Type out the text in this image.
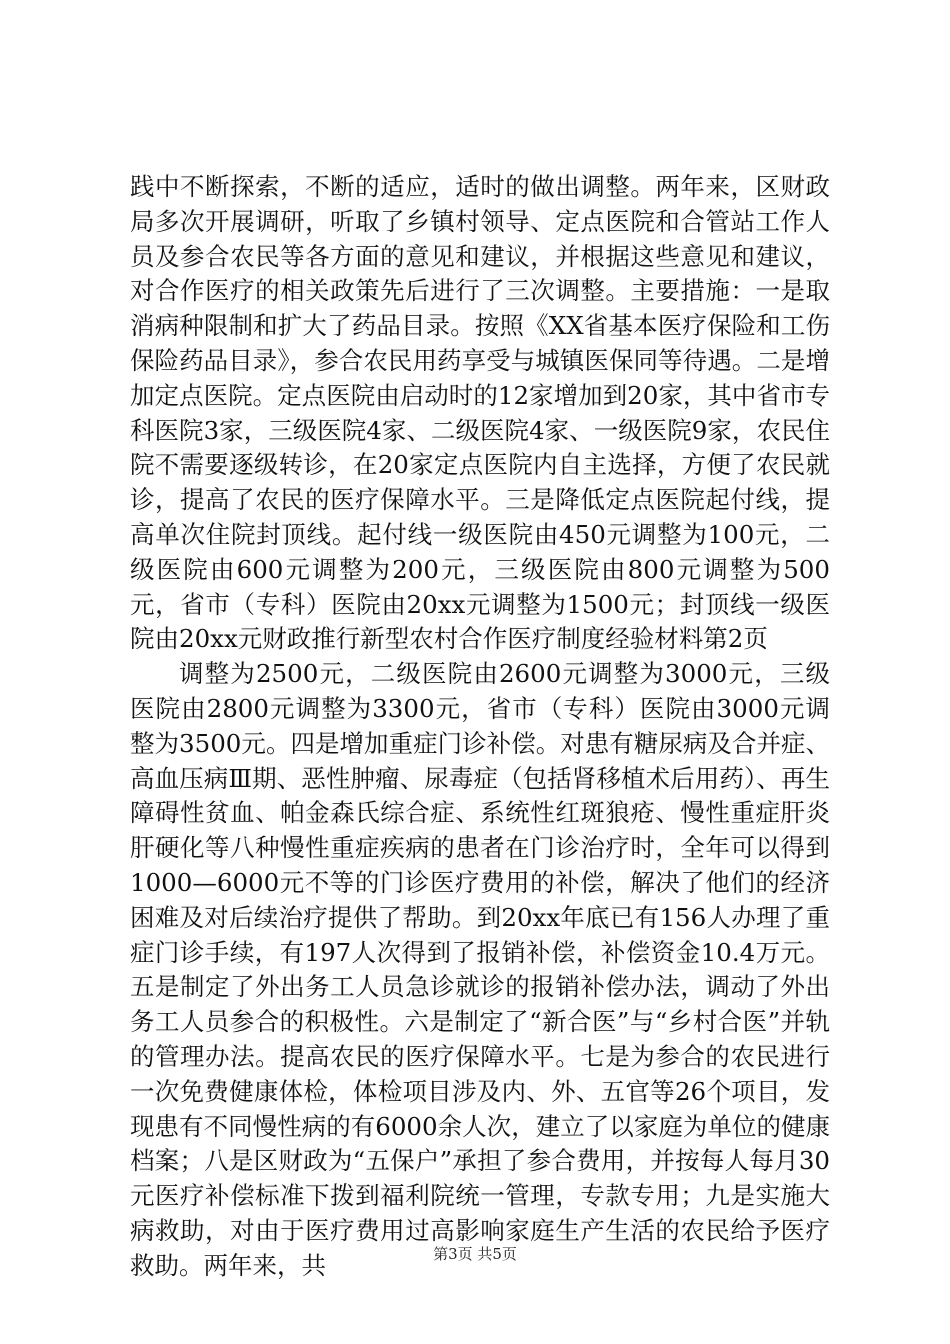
践中不断探索，不断的适应，适时的做出调整。两年来，区财政局多次开展调研，听取了乡镇村领导、定点医院和合管站工作人员及参合农民等各方面的意见和建议，并根据这些意见和建议，对合作医疗的相关政策先后进行了三次调整。主要措施：一是取消病种限制和扩大了药品目录。按照《XX省基本医疗保险和工伤保险药品目录》，参合农民用药享受与城镇医保同等待遇。二是增加定点医院。定点医院由启动时的12家增加到20家，其中省市专科医院3家，三级医院4家、二级医院4家、一级医院9家，农民住院不需要逐级转诊，在20家定点医院内自主选择，方便了农民就诊，提高了农民的医疗保障水平。三是降低定点医院起付线，提高单次住院封顶线。起付线一级医院由450元调整为100元，二级医院由600元调整为200元，三级医院由800元调整为500元，省市（专科）医院由20xx元调整为1500元；封顶线一级医院由20xx元财政推行新型农村合作医疗制度经验材料第2页

调整为2500元，二级医院由2600元调整为3000元，三级医院由2800元调整为3300元，省市（专科）医院由3000元调整为3500元。四是增加重症门诊补偿。对患有糖尿病及合并症、高血压病Ⅲ期、恶性肿瘤、尿毒症（包括肾移植术后用药）、再生障碍性贫血、帕金森氏综合症、系统性红斑狼疮、慢性重症肝炎肝硬化等八种慢性重症疾病的患者在门诊治疗时，全年可以得到1000—6000元不等的门诊医疗费用的补偿，解决了他们的经济困难及对后续治疗提供了帮助。到20xx年底已有156人办理了重症门诊手续，有197人次得到了报销补偿，补偿资金10.4万元。五是制定了外出务工人员急诊就诊的报销补偿办法，调动了外出务工人员参合的积极性。六是制定了“新合医”与“乡村合医”并轨的管理办法。提高农民的医疗保障水平。七是为参合的农民进行一次免费健康体检，体检项目涉及内、外、五官等26个项目，发现患有不同慢性病的有6000余人次，建立了以家庭为单位的健康档案；八是区财政为“五保户”承担了参合费用，并按每人每月30元医疗补偿标准下拨到福利院统一管理，专款专用；九是实施大病救助，对由于医疗费用过高影响家庭生产生活的农民给予医疗救助。两年来，共	第3页 共5页
